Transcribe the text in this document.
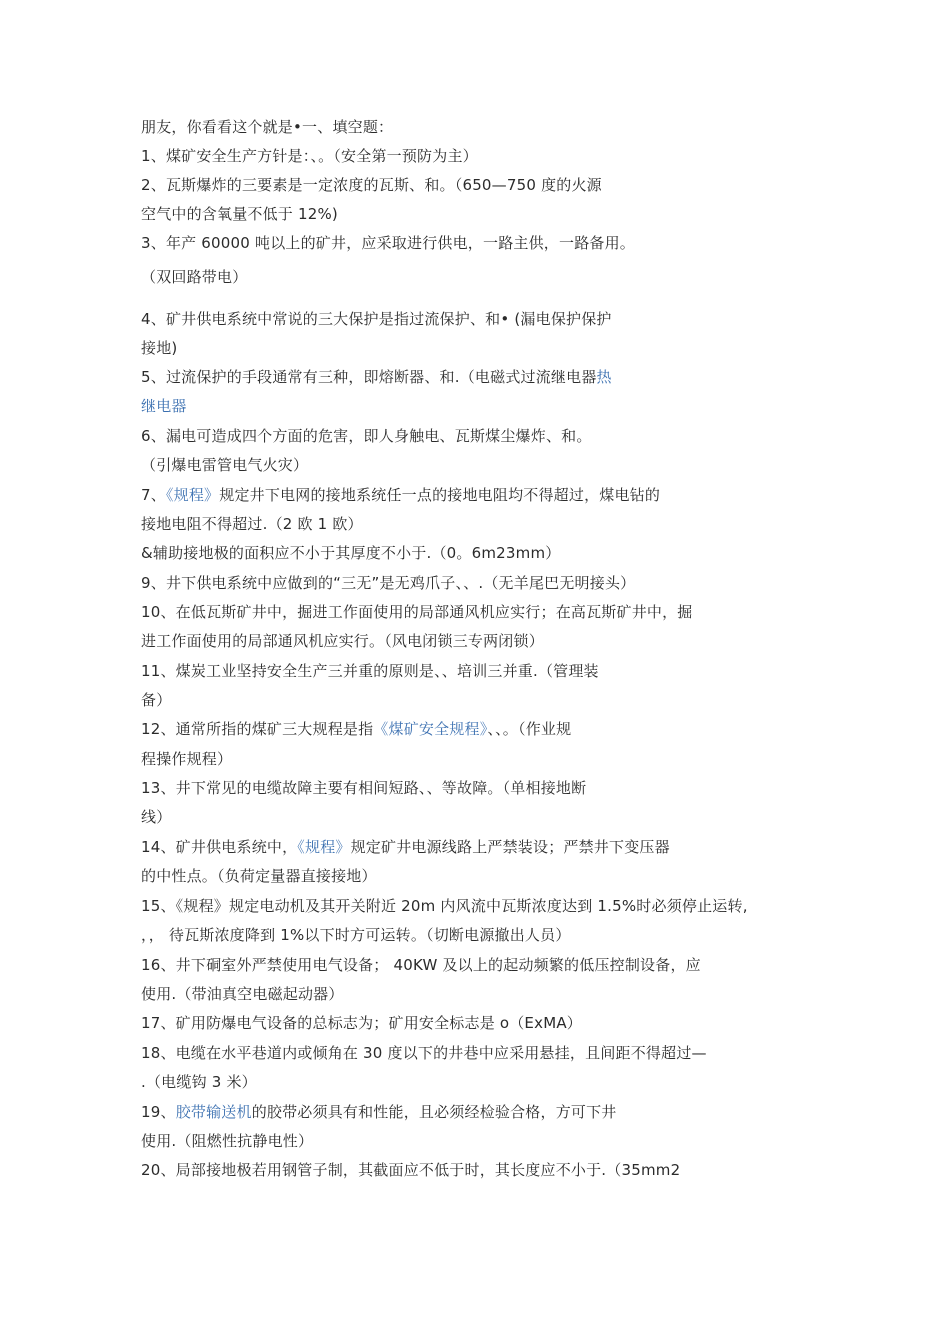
朋友，你看看这个就是•一、填空题：
1、煤矿安全生产方针是：、。（安全第一预防为主）
2、瓦斯爆炸的三要素是一定浓度的瓦斯、和。（650—750 度的火源
空气中的含氧量不低于 12%)
3、年产 60000 吨以上的矿井，应采取进行供电，一路主供，一路备用。
（双回路带电）
4、矿井供电系统中常说的三大保护是指过流保护、和• (漏电保护保护
接地)
5、过流保护的手段通常有三种，即熔断器、和.（电磁式过流继电器热
继电器
6、漏电可造成四个方面的危害，即人身触电、瓦斯煤尘爆炸、和。
（引爆电雷管电气火灾）
7、《规程》规定井下电网的接地系统任一点的接地电阻均不得超过，煤电钻的
接地电阻不得超过.（2 欧 1 欧）
&辅助接地极的面积应不小于其厚度不小于.（0。6m23mm）
9、井下供电系统中应做到的“三无”是无鸡爪子、、.（无羊尾巴无明接头）
10、在低瓦斯矿井中，掘进工作面使用的局部通风机应实行；在高瓦斯矿井中，掘
进工作面使用的局部通风机应实行。（风电闭锁三专两闭锁）
11、煤炭工业坚持安全生产三并重的原则是、、培训三并重.（管理装
备）
12、通常所指的煤矿三大规程是指《煤矿安全规程》、、。（作业规
程操作规程）
13、井下常见的电缆故障主要有相间短路、、等故障。（单相接地断
线）
14、矿井供电系统中，《规程》规定矿井电源线路上严禁装设；严禁井下变压器
的中性点。（负荷定量器直接接地）
15、《规程》规定电动机及其开关附近 20m 内风流中瓦斯浓度达到 1.5%时必须停止运转,
，， 待瓦斯浓度降到 1%以下时方可运转。（切断电源撤出人员）
16、井下硐室外严禁使用电气设备； 40KW 及以上的起动频繁的低压控制设备，应
使用.（带油真空电磁起动器）
17、矿用防爆电气设备的总标志为；矿用安全标志是 o（ExMA）
18、电缆在水平巷道内或倾角在 30 度以下的井巷中应采用悬挂，且间距不得超过—
.（电缆钩 3 米）
19、胶带输送机的胶带必须具有和性能，且必须经检验合格，方可下井
使用.（阻燃性抗静电性）
20、局部接地极若用钢管子制，其截面应不低于时，其长度应不小于.（35mm2
